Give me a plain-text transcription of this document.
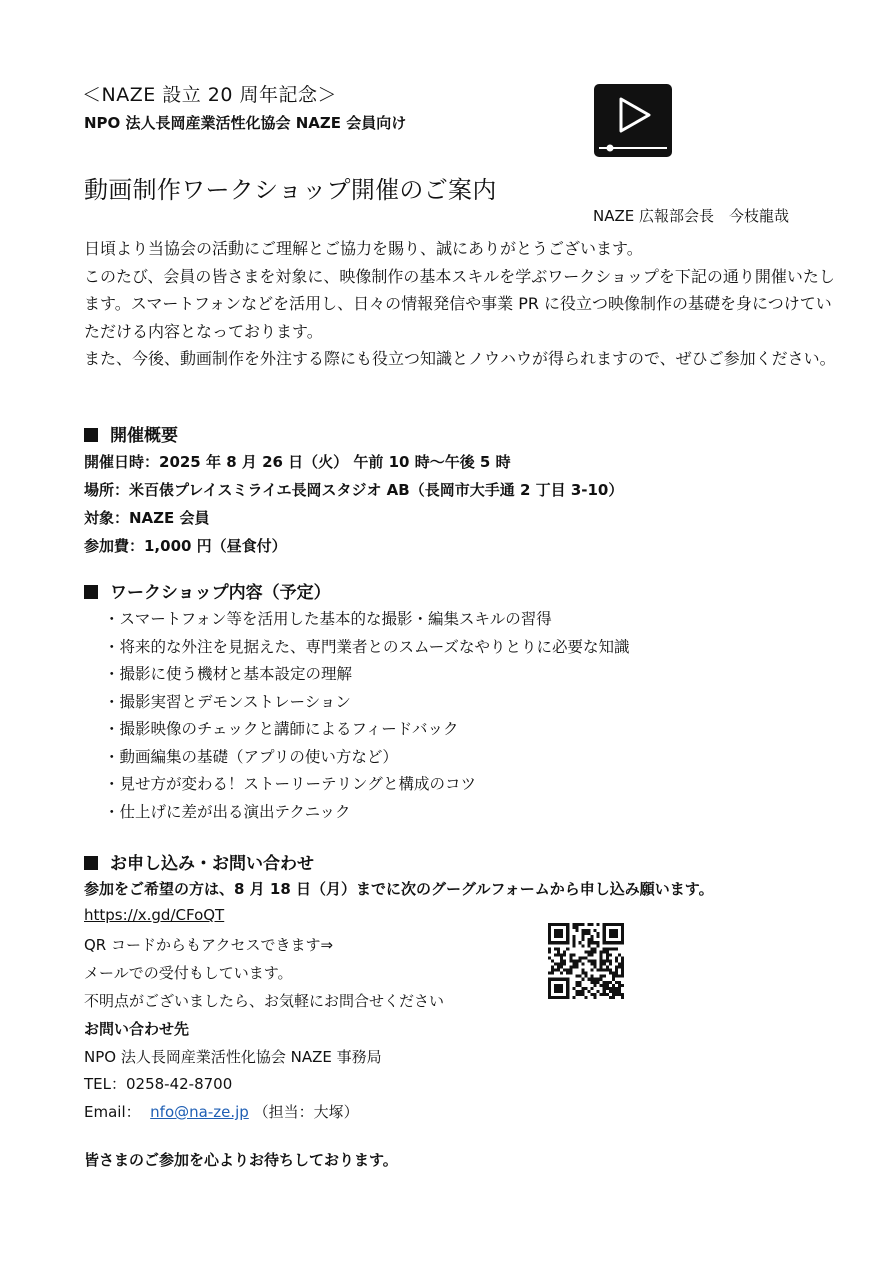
＜NAZE 設立 20 周年記念＞
NPO 法人長岡産業活性化協会 NAZE 会員向け
動画制作ワークショップ開催のご案内
NAZE 広報部会長　今枝龍哉

日頃より当協会の活動にご理解とご協力を賜り、誠にありがとうございます。

このたび、会員の皆さまを対象に、映像制作の基本スキルを学ぶワークショップを下記の通り開催いたします。スマートフォンなどを活用し、日々の情報発信や事業 PR に役立つ映像制作の基礎を身につけていただける内容となっております。

また、今後、動画制作を外注する際にも役立つ知識とノウハウが得られますので、ぜひご参加ください。

開催概要
開催日時：2025 年 8 月 26 日（火） 午前 10 時～午後 5 時
場所：米百俵プレイスミライエ長岡スタジオ AB（長岡市大手通 2 丁目 3-10）
対象：NAZE 会員
参加費：1,000 円（昼食付）
ワークショップ内容（予定）
・スマートフォン等を活用した基本的な撮影・編集スキルの習得
・将来的な外注を見据えた、専門業者とのスムーズなやりとりに必要な知識
・撮影に使う機材と基本設定の理解
・撮影実習とデモンストレーション
・撮影映像のチェックと講師によるフィードバック
・動画編集の基礎（アプリの使い方など）
・見せ方が変わる！ストーリーテリングと構成のコツ
・仕上げに差が出る演出テクニック
お申し込み・お問い合わせ
参加をご希望の方は、8 月 18 日（月）までに次のグーグルフォームから申し込み願います。
https://x.gd/CFoQT
QR コードからもアクセスできます⇒
メールでの受付もしています。
不明点がございましたら、お気軽にお問合せください
お問い合わせ先
NPO 法人長岡産業活性化協会 NAZE 事務局
TEL：0258-42-8700
Email： nfo@na-ze.jp （担当：大塚）
皆さまのご参加を心よりお待ちしております。
